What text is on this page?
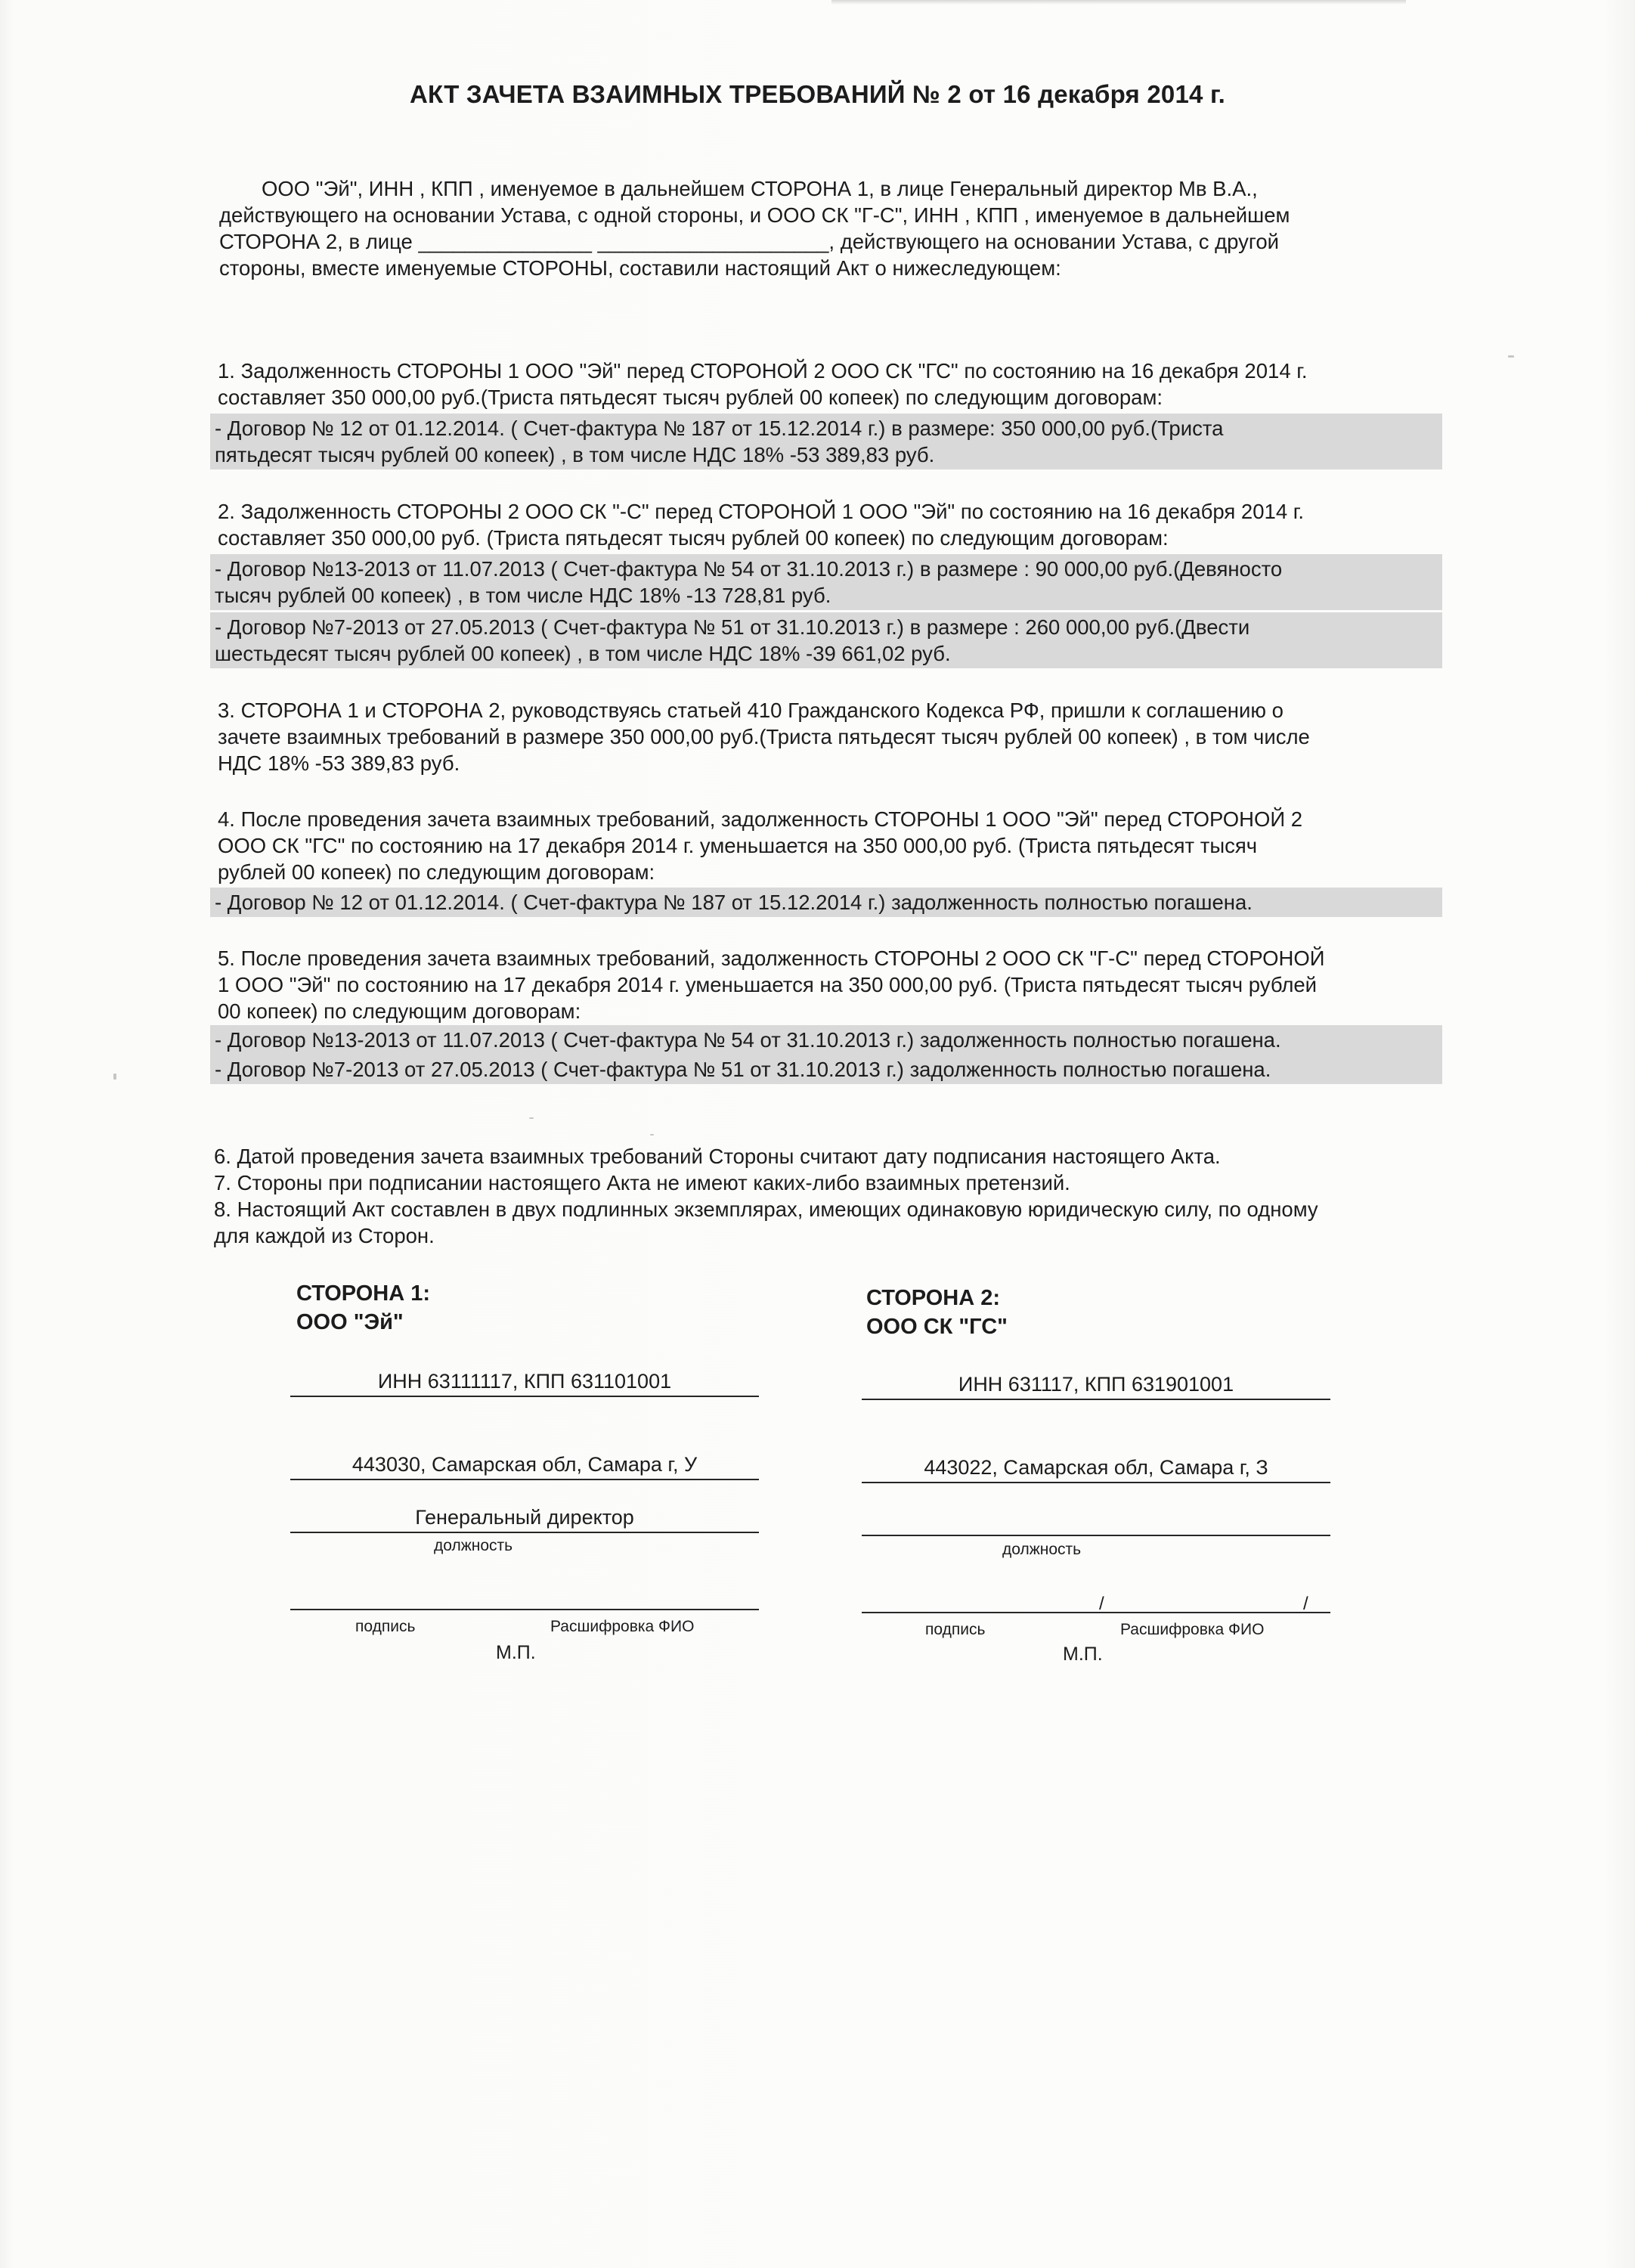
АКТ ЗАЧЕТА ВЗАИМНЫХ ТРЕБОВАНИЙ № 2 от 16 декабря 2014 г.
ООО "Эй", ИНН , КПП , именуемое в дальнейшем СТОРОНА 1, в лице Генеральный директор Мв В.А.,
действующего на основании Устава, с одной стороны, и ООО СК "Г-С", ИНН , КПП , именуемое в дальнейшем
СТОРОНА 2, в лице _______________ ____________________, действующего на основании Устава, с другой
стороны, вместе именуемые СТОРОНЫ, составили настоящий Акт о нижеследующем:
1. Задолженность СТОРОНЫ 1 ООО "Эй" перед СТОРОНОЙ 2 ООО СК "ГС" по состоянию на 16 декабря 2014 г.
составляет 350 000,00 руб.(Триста пятьдесят тысяч рублей 00 копеек) по следующим договорам:
- Договор № 12 от 01.12.2014. ( Счет-фактура № 187 от 15.12.2014 г.) в размере: 350 000,00 руб.(Триста
пятьдесят тысяч рублей 00 копеек) , в том числе НДС 18% -53 389,83 руб.
2. Задолженность СТОРОНЫ 2 ООО СК "-С" перед СТОРОНОЙ 1 ООО "Эй" по состоянию на 16 декабря 2014 г.
составляет 350 000,00 руб. (Триста пятьдесят тысяч рублей 00 копеек) по следующим договорам:
- Договор №13-2013 от 11.07.2013 ( Счет-фактура № 54 от 31.10.2013 г.) в размере : 90 000,00 руб.(Девяносто
тысяч рублей 00 копеек) , в том числе НДС 18% -13 728,81 руб.
- Договор №7-2013 от 27.05.2013 ( Счет-фактура № 51 от 31.10.2013 г.) в размере : 260 000,00 руб.(Двести
шестьдесят тысяч рублей 00 копеек) , в том числе НДС 18% -39 661,02 руб.
3. СТОРОНА 1 и СТОРОНА 2, руководствуясь статьей 410 Гражданского Кодекса РФ, пришли к соглашению о
зачете взаимных требований в размере 350 000,00 руб.(Триста пятьдесят тысяч рублей 00 копеек) , в том числе
НДС 18% -53 389,83 руб.
4. После проведения зачета взаимных требований, задолженность СТОРОНЫ 1 ООО "Эй" перед СТОРОНОЙ 2
ООО СК "ГС" по состоянию на 17 декабря 2014 г. уменьшается на 350 000,00 руб. (Триста пятьдесят тысяч
рублей 00 копеек) по следующим договорам:
- Договор № 12 от 01.12.2014. ( Счет-фактура № 187 от 15.12.2014 г.) задолженность полностью погашена.
5. После проведения зачета взаимных требований, задолженность СТОРОНЫ 2 ООО СК "Г-С" перед СТОРОНОЙ
1 ООО "Эй" по состоянию на 17 декабря 2014 г. уменьшается на 350 000,00 руб. (Триста пятьдесят тысяч рублей
00 копеек) по следующим договорам:
- Договор №13-2013 от 11.07.2013 ( Счет-фактура № 54 от 31.10.2013 г.) задолженность полностью погашена.
- Договор №7-2013 от 27.05.2013 ( Счет-фактура № 51 от 31.10.2013 г.) задолженность полностью погашена.
6. Датой проведения зачета взаимных требований Стороны считают дату подписания настоящего Акта.
7. Стороны при подписании настоящего Акта не имеют каких-либо взаимных претензий.
8. Настоящий Акт составлен в двух подлинных экземплярах, имеющих одинаковую юридическую силу, по одному
для каждой из Сторон.
СТОРОНА 1:
ООО "Эй"
ИНН 63111117, КПП 631101001
443030, Самарская обл, Самара г, У
Генеральный директор
должность
подпись	Расшифровка ФИО
М.П.
СТОРОНА 2:
ООО СК "ГС"
ИНН 631117, КПП 631901001
443022, Самарская обл, Самара г, З
должность
/	/
подпись	Расшифровка ФИО
М.П.
